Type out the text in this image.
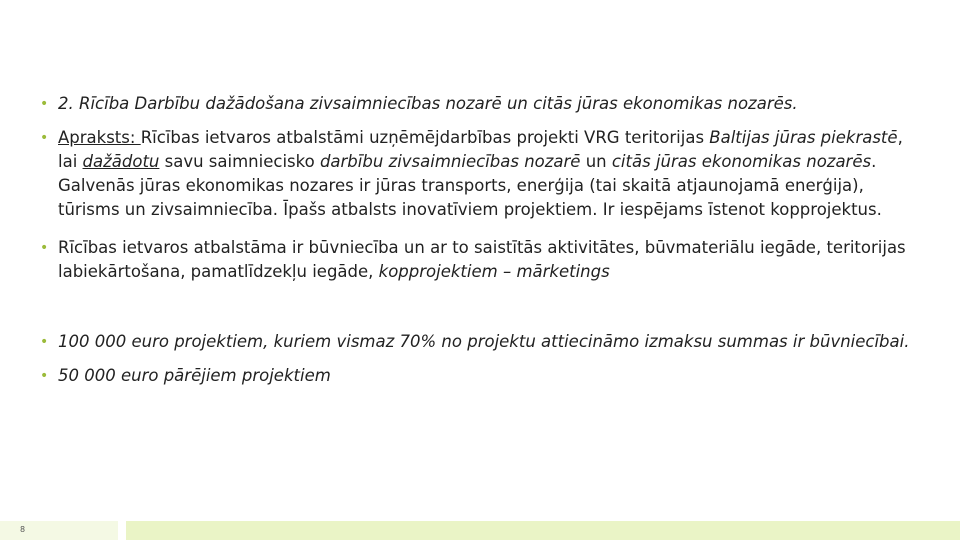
• 2. Rīcība Darbību dažādošana zivsaimniecības nozarē un citās jūras ekonomikas nozarēs.
• Apraksts: Rīcības ietvaros atbalstāmi uzņēmējdarbības projekti VRG teritorijas Baltijas jūras piekrastē, lai dažādotu savu saimniecisko darbību zivsaimniecības nozarē un citās jūras ekonomikas nozarēs. Galvenās jūras ekonomikas nozares ir jūras transports, enerģija (tai skaitā atjaunojamā enerģija), tūrisms un zivsaimniecība. Īpašs atbalsts inovatīviem projektiem. Ir iespējams īstenot kopprojektus.
• Rīcības ietvaros atbalstāma ir būvniecība un ar to saistītās aktivitātes, būvmateriālu iegāde, teritorijas labiekārtošana, pamatlīdzekļu iegāde, kopprojektiem – mārketings
• 100 000 euro projektiem, kuriem vismaz 70% no projektu attiecināmo izmaksu summas ir būvniecībai.
• 50 000 euro pārējiem projektiem
8
